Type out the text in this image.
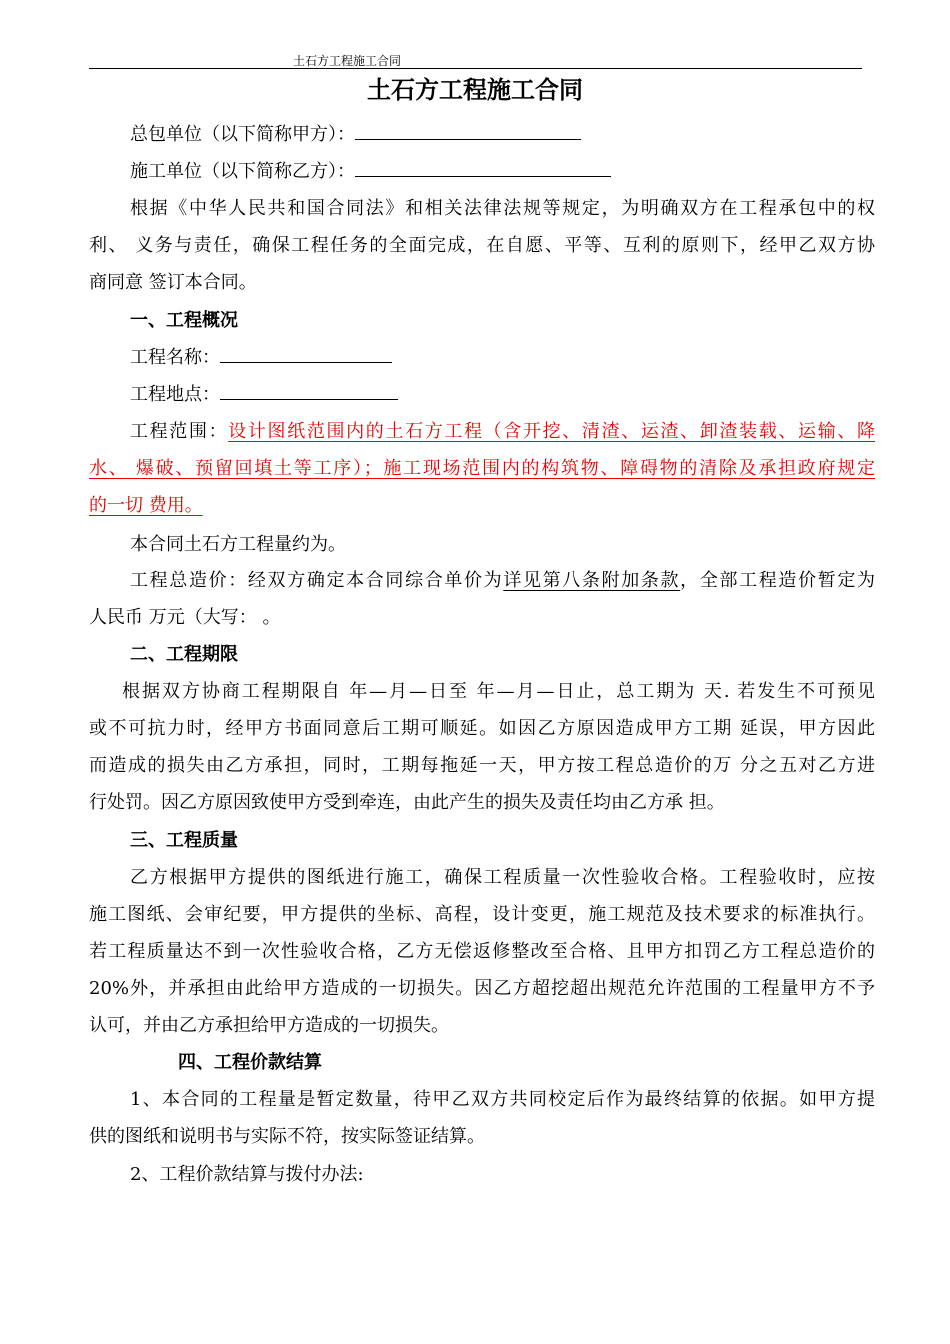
土石方工程施工合同
土石方工程施工合同
总包单位（以下简称甲方）：
施工单位（以下简称乙方）：
根据《中华人民共和国合同法》和相关法律法规等规定，为明确双方在工程承包中的权
利、 义务与责任，确保工程任务的全面完成，在自愿、平等、互利的原则下，经甲乙双方协
商同意 签订本合同。
一、工程概况
工程名称：
工程地点：
工程范围：设计图纸范围内的土石方工程（含开挖、清渣、运渣、卸渣装载、运输、降
水、 爆破、预留回填土等工序）；施工现场范围内的构筑物、障碍物的清除及承担政府规定
的一切 费用。
本合同土石方工程量约为。
工程总造价：经双方确定本合同综合单价为详见第八条附加条款，全部工程造价暂定为
人民币 万元（大写： 。
二、工程期限
根据双方协商工程期限自 年—月—日至 年—月—日止，总工期为 天. 若发生不可预见
或不可抗力时，经甲方书面同意后工期可顺延。如因乙方原因造成甲方工期 延误，甲方因此
而造成的损失由乙方承担，同时，工期每拖延一天，甲方按工程总造价的万 分之五对乙方进
行处罚。因乙方原因致使甲方受到牵连，由此产生的损失及责任均由乙方承 担。
三、工程质量
乙方根据甲方提供的图纸进行施工，确保工程质量一次性验收合格。工程验收时，应按
施工图纸、会审纪要，甲方提供的坐标、高程，设计变更，施工规范及技术要求的标准执行。
若工程质量达不到一次性验收合格，乙方无偿返修整改至合格、且甲方扣罚乙方工程总造价的
20%外，并承担由此给甲方造成的一切损失。因乙方超挖超出规范允许范围的工程量甲方不予
认可，并由乙方承担给甲方造成的一切损失。
四、工程价款结算
1、本合同的工程量是暂定数量，待甲乙双方共同校定后作为最终结算的依据。如甲方提
供的图纸和说明书与实际不符，按实际签证结算。
2、工程价款结算与拨付办法:
